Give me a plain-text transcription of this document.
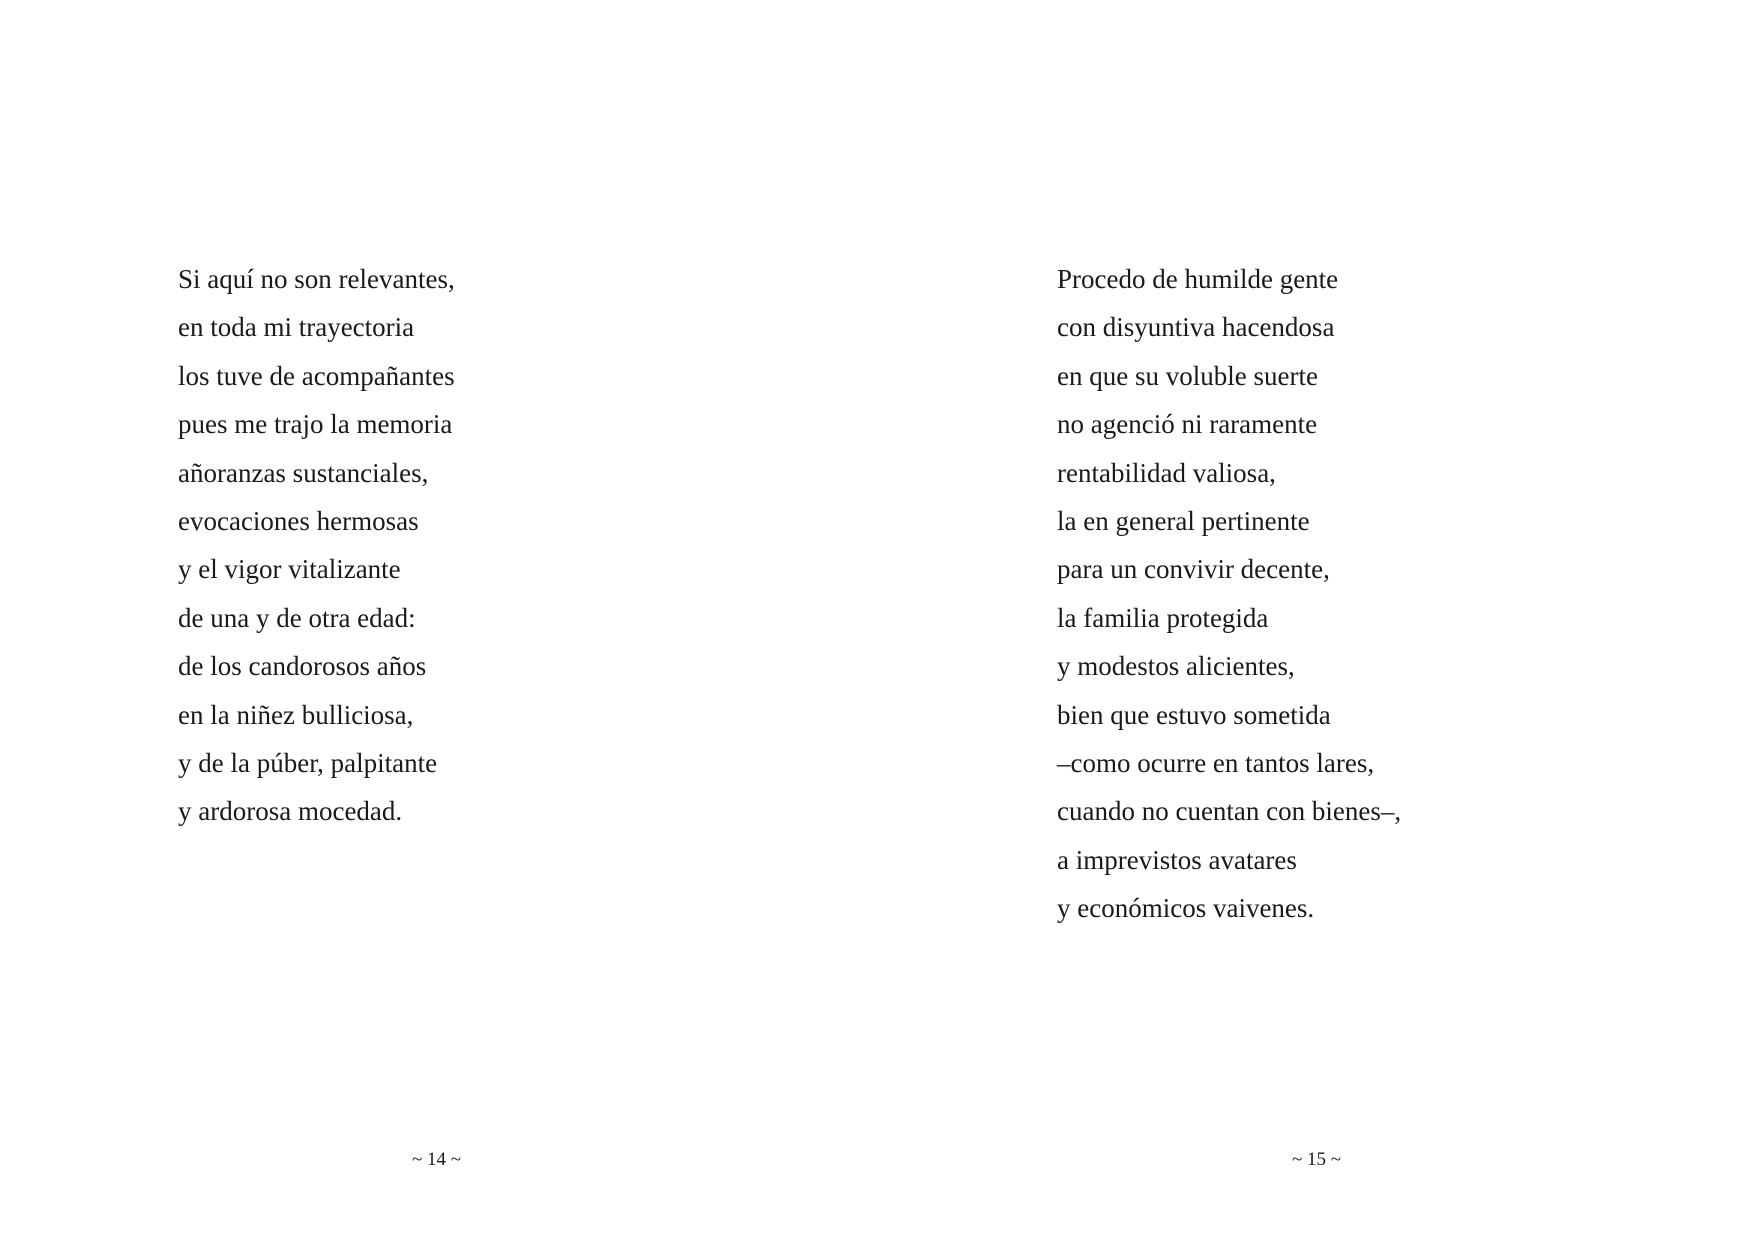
Si aquí no son relevantes,
en toda mi trayectoria
los tuve de acompañantes
pues me trajo la memoria
añoranzas sustanciales,
evocaciones hermosas
y el vigor vitalizante
de una y de otra edad:
de los candorosos años
en la niñez bulliciosa,
y de la púber, palpitante
y ardorosa mocedad.
~ 14 ~
Procedo de humilde gente
con disyuntiva hacendosa
en que su voluble suerte
no agenció ni raramente
rentabilidad valiosa,
la en general pertinente
para un convivir decente,
la familia protegida
y modestos alicientes,
bien que estuvo sometida
–como ocurre en tantos lares,
cuando no cuentan con bienes–,
a imprevistos avatares
y económicos vaivenes.
~ 15 ~
